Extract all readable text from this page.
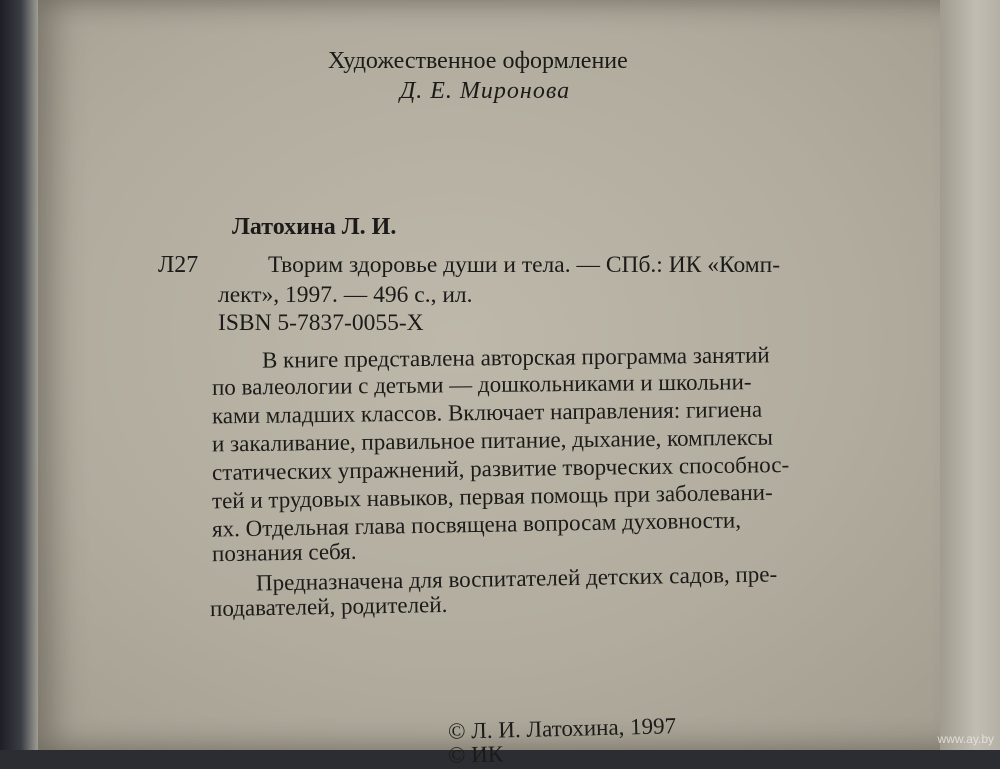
Художественное оформление
Д. Е. Миронова
Латохина Л. И.
Л27	Творим здоровье души и тела. — СПб.: ИК «Комп-
лект», 1997. — 496 с., ил.
ISBN 5-7837-0055-X
В книге представлена авторская программа занятий
по валеологии с детьми — дошкольниками и школьни-
ками младших классов. Включает направления: гигиена
и закаливание, правильное питание, дыхание, комплексы
статических упражнений, развитие творческих способнос-
тей и трудовых навыков, первая помощь при заболевани-
ях. Отдельная глава посвящена вопросам духовности,
познания себя.
Предназначена для воспитателей детских садов, пре-
подавателей, родителей.
© Л. И. Латохина, 1997
© ИК
www.ay.by
